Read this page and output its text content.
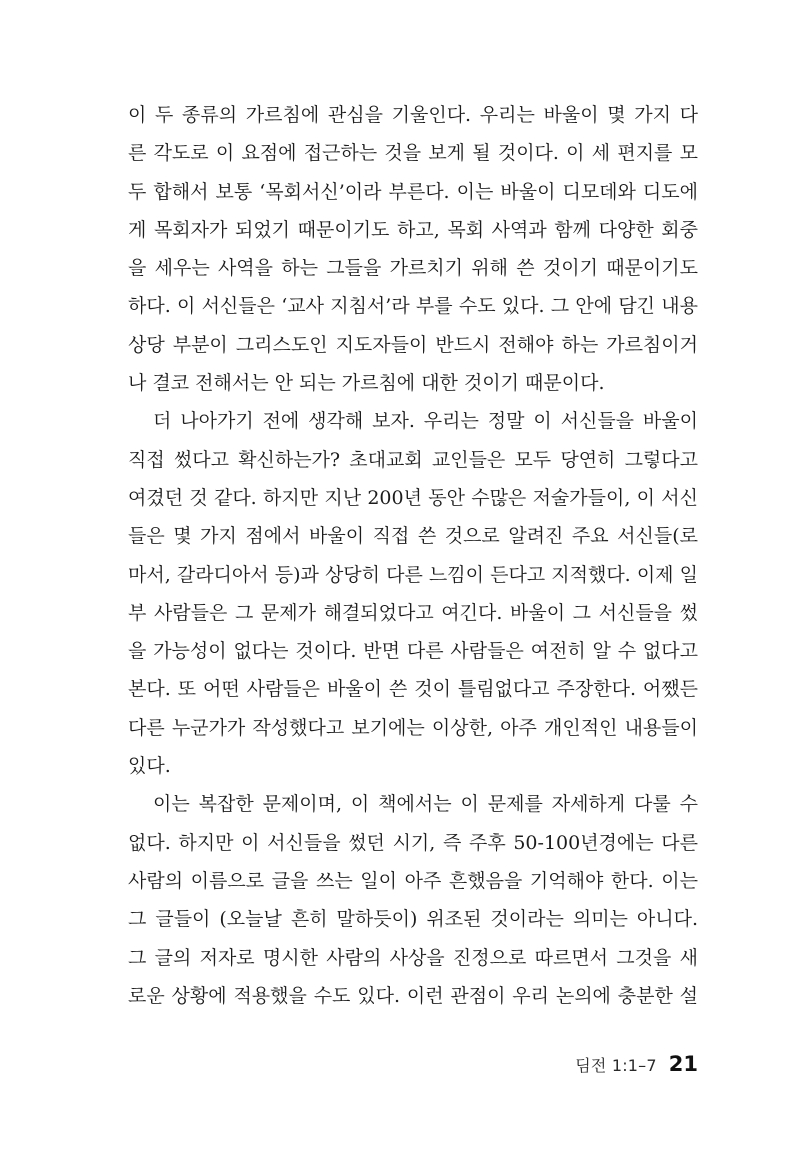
이 두 종류의 가르침에 관심을 기울인다. 우리는 바울이 몇 가지 다
른 각도로 이 요점에 접근하는 것을 보게 될 것이다. 이 세 편지를 모
두 합해서 보통 ‘목회서신’이라 부른다. 이는 바울이 디모데와 디도에
게 목회자가 되었기 때문이기도 하고, 목회 사역과 함께 다양한 회중
을 세우는 사역을 하는 그들을 가르치기 위해 쓴 것이기 때문이기도
하다. 이 서신들은 ‘교사 지침서’라 부를 수도 있다. 그 안에 담긴 내용
상당 부분이 그리스도인 지도자들이 반드시 전해야 하는 가르침이거
나 결코 전해서는 안 되는 가르침에 대한 것이기 때문이다.
더 나아가기 전에 생각해 보자. 우리는 정말 이 서신들을 바울이
직접 썼다고 확신하는가? 초대교회 교인들은 모두 당연히 그렇다고
여겼던 것 같다. 하지만 지난 200년 동안 수많은 저술가들이, 이 서신
들은 몇 가지 점에서 바울이 직접 쓴 것으로 알려진 주요 서신들(로
마서, 갈라디아서 등)과 상당히 다른 느낌이 든다고 지적했다. 이제 일
부 사람들은 그 문제가 해결되었다고 여긴다. 바울이 그 서신들을 썼
을 가능성이 없다는 것이다. 반면 다른 사람들은 여전히 알 수 없다고
본다. 또 어떤 사람들은 바울이 쓴 것이 틀림없다고 주장한다. 어쨌든
다른 누군가가 작성했다고 보기에는 이상한, 아주 개인적인 내용들이
있다.
이는 복잡한 문제이며, 이 책에서는 이 문제를 자세하게 다룰 수
없다. 하지만 이 서신들을 썼던 시기, 즉 주후 50-100년경에는 다른
사람의 이름으로 글을 쓰는 일이 아주 흔했음을 기억해야 한다. 이는
그 글들이 (오늘날 흔히 말하듯이) 위조된 것이라는 의미는 아니다.
그 글의 저자로 명시한 사람의 사상을 진정으로 따르면서 그것을 새
로운 상황에 적용했을 수도 있다. 이런 관점이 우리 논의에 충분한 설
딤전 1:1–7 21
